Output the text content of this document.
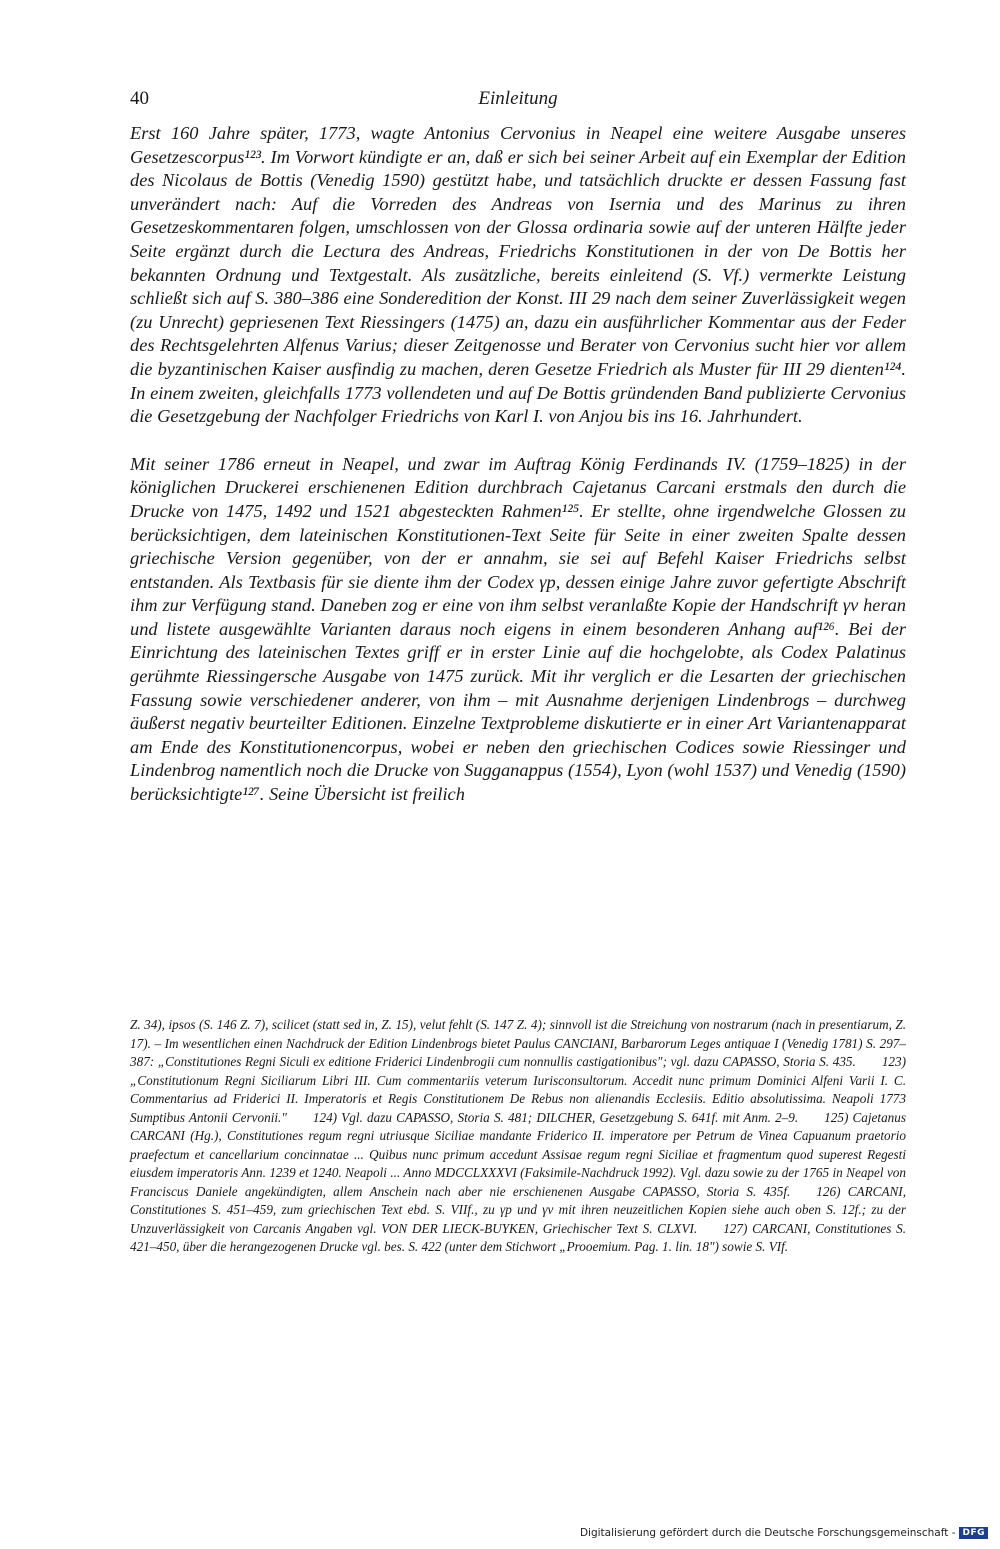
40	Einleitung

Erst 160 Jahre später, 1773, wagte Antonius Cervonius in Neapel eine weitere Ausgabe unseres Gesetzescorpus¹²³. Im Vorwort kündigte er an, daß er sich bei seiner Arbeit auf ein Exemplar der Edition des Nicolaus de Bottis (Venedig 1590) gestützt habe, und tatsächlich druckte er dessen Fassung fast unverändert nach: Auf die Vorreden des Andreas von Isernia und des Marinus zu ihren Gesetzeskommentaren folgen, umschlossen von der Glossa ordinaria sowie auf der unteren Hälfte jeder Seite ergänzt durch die Lectura des Andreas, Friedrichs Konstitutionen in der von De Bottis her bekannten Ordnung und Textgestalt. Als zusätzliche, bereits einleitend (S. Vf.) vermerkte Leistung schließt sich auf S. 380–386 eine Sonderedition der Konst. III 29 nach dem seiner Zuverlässigkeit wegen (zu Unrecht) gepriesenen Text Riessingers (1475) an, dazu ein ausführlicher Kommentar aus der Feder des Rechtsgelehrten Alfenus Varius; dieser Zeitgenosse und Berater von Cervonius sucht hier vor allem die byzantinischen Kaiser ausfindig zu machen, deren Gesetze Friedrich als Muster für III 29 dienten¹²⁴. In einem zweiten, gleichfalls 1773 vollendeten und auf De Bottis gründenden Band publizierte Cervonius die Gesetzgebung der Nachfolger Friedrichs von Karl I. von Anjou bis ins 16. Jahrhundert.

Mit seiner 1786 erneut in Neapel, und zwar im Auftrag König Ferdinands IV. (1759–1825) in der königlichen Druckerei erschienenen Edition durchbrach Cajetanus Carcani erstmals den durch die Drucke von 1475, 1492 und 1521 abgesteckten Rahmen¹²⁵. Er stellte, ohne irgendwelche Glossen zu berücksichtigen, dem lateinischen Konstitutionen-Text Seite für Seite in einer zweiten Spalte dessen griechische Version gegenüber, von der er annahm, sie sei auf Befehl Kaiser Friedrichs selbst entstanden. Als Textbasis für sie diente ihm der Codex γp, dessen einige Jahre zuvor gefertigte Abschrift ihm zur Verfügung stand. Daneben zog er eine von ihm selbst veranlaßte Kopie der Handschrift γv heran und listete ausgewählte Varianten daraus noch eigens in einem besonderen Anhang auf¹²⁶. Bei der Einrichtung des lateinischen Textes griff er in erster Linie auf die hochgelobte, als Codex Palatinus gerühmte Riessingersche Ausgabe von 1475 zurück. Mit ihr verglich er die Lesarten der griechischen Fassung sowie verschiedener anderer, von ihm – mit Ausnahme derjenigen Lindenbrogs – durchweg äußerst negativ beurteilter Editionen. Einzelne Textprobleme diskutierte er in einer Art Variantenapparat am Ende des Konstitutionencorpus, wobei er neben den griechischen Codices sowie Riessinger und Lindenbrog namentlich noch die Drucke von Sugganappus (1554), Lyon (wohl 1537) und Venedig (1590) berücksichtigte¹²⁷. Seine Übersicht ist freilich

Z. 34), ipsos (S. 146 Z. 7), scilicet (statt sed in, Z. 15), velut fehlt (S. 147 Z. 4); sinnvoll ist die Streichung von nostrarum (nach in presentiarum, Z. 17). – Im wesentlichen einen Nachdruck der Edition Lindenbrogs bietet Paulus CANCIANI, Barbarorum Leges antiquae I (Venedig 1781) S. 297–387: „Constitutiones Regni Siculi ex editione Friderici Lindenbrogii cum nonnullis castigationibus"; vgl. dazu CAPASSO, Storia S. 435. 123) „Constitutionum Regni Siciliarum Libri III. Cum commentariis veterum Iurisconsultorum. Accedit nunc primum Dominici Alfeni Varii I. C. Commentarius ad Friderici II. Imperatoris et Regis Constitutionem De Rebus non alienandis Ecclesiis. Editio absolutissima. Neapoli 1773 Sumptibus Antonii Cervonii." 124) Vgl. dazu CAPASSO, Storia S. 481; DILCHER, Gesetzgebung S. 641f. mit Anm. 2–9. 125) Cajetanus CARCANI (Hg.), Constitutiones regum regni utriusque Siciliae mandante Friderico II. imperatore per Petrum de Vinea Capuanum praetorio praefectum et cancellarium concinnatae ... Quibus nunc primum accedunt Assisae regum regni Siciliae et fragmentum quod superest Regesti eiusdem imperatoris Ann. 1239 et 1240. Neapoli ... Anno MDCCLXXXVI (Faksimile-Nachdruck 1992). Vgl. dazu sowie zu der 1765 in Neapel von Franciscus Daniele angekündigten, allem Anschein nach aber nie erschienenen Ausgabe CAPASSO, Storia S. 435f. 126) CARCANI, Constitutiones S. 451–459, zum griechischen Text ebd. S. VIIf., zu γp und γv mit ihren neuzeitlichen Kopien siehe auch oben S. 12f.; zu der Unzuverlässigkeit von Carcanis Angaben vgl. VON DER LIECK-BUYKEN, Griechischer Text S. CLXVI. 127) CARCANI, Constitutiones S. 421–450, über die herangezogenen Drucke vgl. bes. S. 422 (unter dem Stichwort „Prooemium. Pag. 1. lin. 18") sowie S. VIf.
Digitalisierung gefördert durch die Deutsche Forschungsgemeinschaft - DFG
